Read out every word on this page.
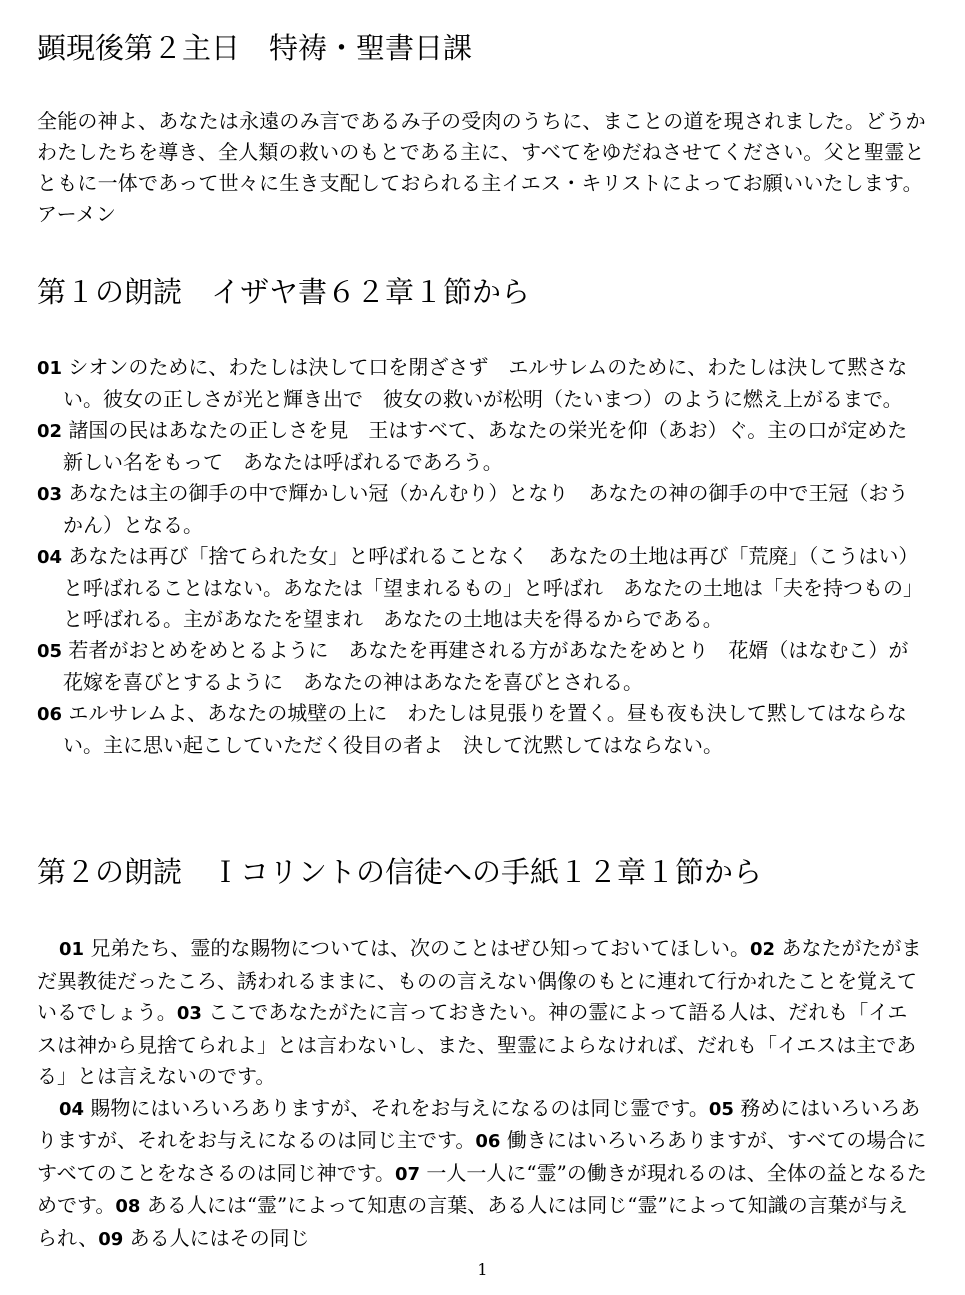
顕現後第２主日　特祷・聖書日課

全能の神よ、あなたは永遠のみ言であるみ子の受肉のうちに、まことの道を現されました。どうかわたしたちを導き、全人類の救いのもとである主に、すべてをゆだねさせてください。父と聖霊とともに一体であって世々に生き支配しておられる主イエス・キリストによってお願いいたします。アーメン

第１の朗読　イザヤ書６２章１節から
01 シオンのために、わたしは決して口を閉ざさず　エルサレムのために、わたしは決して黙さない。彼女の正しさが光と輝き出で　彼女の救いが松明（たいまつ）のように燃え上がるまで。
02 諸国の民はあなたの正しさを見　王はすべて、あなたの栄光を仰（あお）ぐ。主の口が定めた新しい名をもって　あなたは呼ばれるであろう。
03 あなたは主の御手の中で輝かしい冠（かんむり）となり　あなたの神の御手の中で王冠（おうかん）となる。
04 あなたは再び「捨てられた女」と呼ばれることなく　あなたの土地は再び「荒廃」（こうはい）と呼ばれることはない。あなたは「望まれるもの」と呼ばれ　あなたの土地は「夫を持つもの」と呼ばれる。主があなたを望まれ　あなたの土地は夫を得るからである。
05 若者がおとめをめとるように　あなたを再建される方があなたをめとり　花婿（はなむこ）が花嫁を喜びとするように　あなたの神はあなたを喜びとされる。
06 エルサレムよ、あなたの城壁の上に　わたしは見張りを置く。昼も夜も決して黙してはならない。主に思い起こしていただく役目の者よ　決して沈黙してはならない。
第２の朗読　Ｉコリントの信徒への手紙１２章１節から

01 兄弟たち、霊的な賜物については、次のことはぜひ知っておいてほしい。02 あなたがたがまだ異教徒だったころ、誘われるままに、ものの言えない偶像のもとに連れて行かれたことを覚えているでしょう。03 ここであなたがたに言っておきたい。神の霊によって語る人は、だれも「イエスは神から見捨てられよ」とは言わないし、また、聖霊によらなければ、だれも「イエスは主である」とは言えないのです。

04 賜物にはいろいろありますが、それをお与えになるのは同じ霊です。05 務めにはいろいろありますが、それをお与えになるのは同じ主です。06 働きにはいろいろありますが、すべての場合にすべてのことをなさるのは同じ神です。07 一人一人に“霊”の働きが現れるのは、全体の益となるためです。08 ある人には“霊”によって知恵の言葉、ある人には同じ“霊”によって知識の言葉が与えられ、09 ある人にはその同じ

1
